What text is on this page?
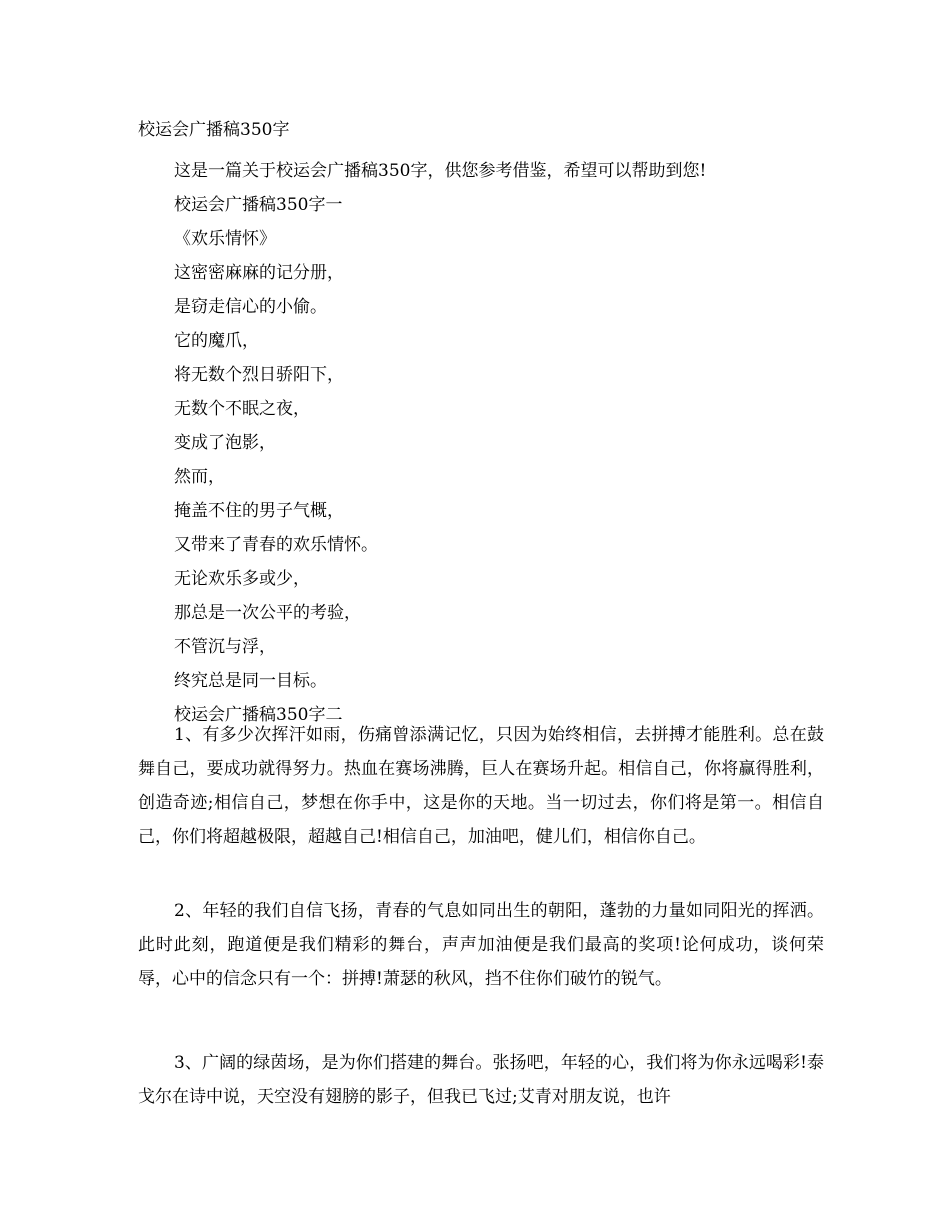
校运会广播稿350字

这是一篇关于校运会广播稿350字，供您参考借鉴，希望可以帮助到您!

校运会广播稿350字一

《欢乐情怀》

这密密麻麻的记分册，

是窃走信心的小偷。

它的魔爪，

将无数个烈日骄阳下，

无数个不眠之夜，

变成了泡影，

然而，

掩盖不住的男子气概，

又带来了青春的欢乐情怀。

无论欢乐多或少，

那总是一次公平的考验，

不管沉与浮，

终究总是同一目标。

校运会广播稿350字二

1、有多少次挥汗如雨，伤痛曾添满记忆，只因为始终相信，去拼搏才能胜利。总在鼓舞自己，要成功就得努力。热血在赛场沸腾，巨人在赛场升起。相信自己，你将赢得胜利，创造奇迹;相信自己，梦想在你手中，这是你的天地。当一切过去，你们将是第一。相信自己，你们将超越极限，超越自己!相信自己，加油吧，健儿们，相信你自己。

2、年轻的我们自信飞扬，青春的气息如同出生的朝阳，蓬勃的力量如同阳光的挥洒。此时此刻，跑道便是我们精彩的舞台，声声加油便是我们最高的奖项!论何成功，谈何荣辱，心中的信念只有一个：拼搏!萧瑟的秋风，挡不住你们破竹的锐气。

3、广阔的绿茵场，是为你们搭建的舞台。张扬吧，年轻的心，我们将为你永远喝彩!泰戈尔在诗中说，天空没有翅膀的影子，但我已飞过;艾青对朋友说，也许
